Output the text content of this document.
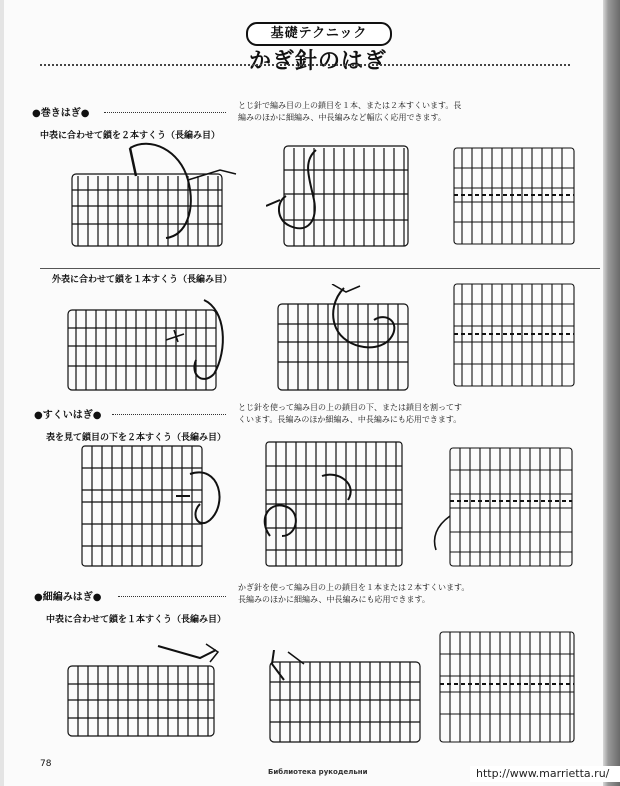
基礎テクニック
かぎ針のはぎ
●巻きはぎ●
とじ針で編み目の上の鎖目を１本、または２本すくいます。長
編みのほかに細編み、中長編みなど幅広く応用できます。
中表に合わせて鎖を２本すくう（長編み目）
外表に合わせて鎖を１本すくう（長編み目）
●すくいはぎ●
とじ針を使って編み目の上の鎖目の下、または鎖目を割ってす
くいます。長編みのほか細編み、中長編みにも応用できます。
表を見て鎖目の下を２本すくう（長編み目）
●細編みはぎ●
かぎ針を使って編み目の上の鎖目を１本または２本すくいます。
長編みのほかに細編み、中長編みにも応用できます。
中表に合わせて鎖を１本すくう（長編み目）
78
Библиотека рукодельни	http://www.marrietta.ru/
